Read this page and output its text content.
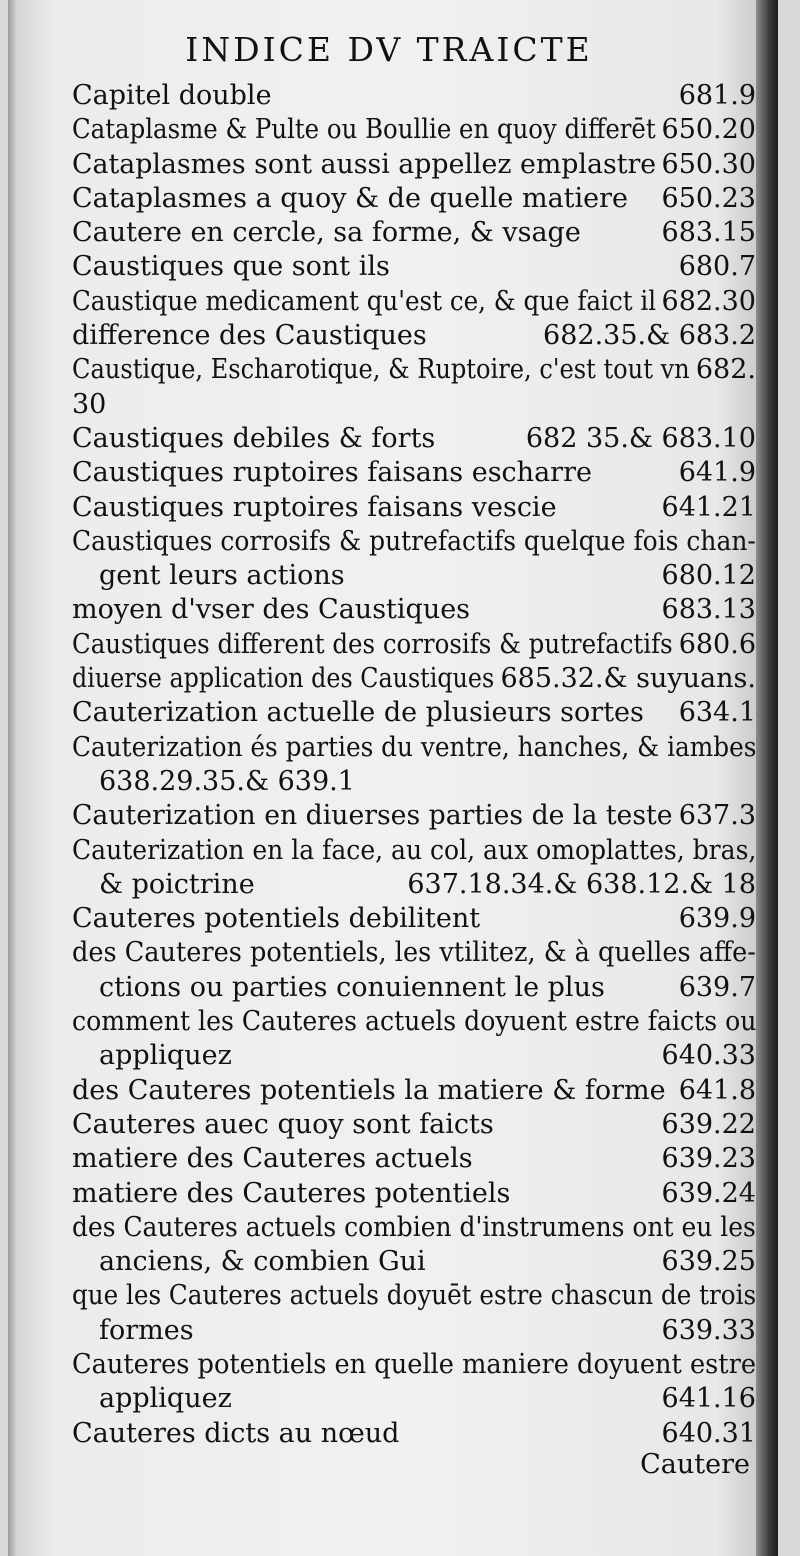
INDICE DV TRAICTE
Capitel double	681.9
Cataplasme & Pulte ou Boullie en quoy differēt 650.20
Cataplasmes sont aussi appellez emplastre 650.30
Cataplasmes a quoy & de quelle matiere 650.23
Cautere en cercle, sa forme, & vsage	683.15
Caustiques que sont ils	680.7
Caustique medicament qu'est ce, & que faict il 682.30
difference des Caustiques	682.35.& 683.2
Caustique, Escharotique, & Ruptoire, c'est tout vn 682.
30
Caustiques debiles & forts	682 35.& 683.10
Caustiques ruptoires faisans escharre	641.9
Caustiques ruptoires faisans vescie	641.21
Caustiques corrosifs & putrefactifs quelque fois chan-
gent leurs actions	680.12
moyen d'vser des Caustiques	683.13
Caustiques different des corrosifs & putrefactifs 680.6
diuerse application des Caustiques 685.32.& suyuans.
Cauterization actuelle de plusieurs sortes 634.1
Cauterization és parties du ventre, hanches, & iambes
638.29.35.& 639.1
Cauterization en diuerses parties de la teste 637.3
Cauterization en la face, au col, aux omoplattes, bras,
& poictrine	637.18.34.& 638.12.& 18
Cauteres potentiels debilitent	639.9
des Cauteres potentiels, les vtilitez, & à quelles affe-
ctions ou parties conuiennent le plus	639.7
comment les Cauteres actuels doyuent estre faicts ou
appliquez	640.33
des Cauteres potentiels la matiere & forme 641.8
Cauteres auec quoy sont faicts	639.22
matiere des Cauteres actuels	639.23
matiere des Cauteres potentiels	639.24
des Cauteres actuels combien d'instrumens ont eu les
anciens, & combien Gui	639.25
que les Cauteres actuels doyuēt estre chascun de trois
formes	639.33
Cauteres potentiels en quelle maniere doyuent estre
appliquez	641.16
Cauteres dicts au nœud	640.31
Cautere
